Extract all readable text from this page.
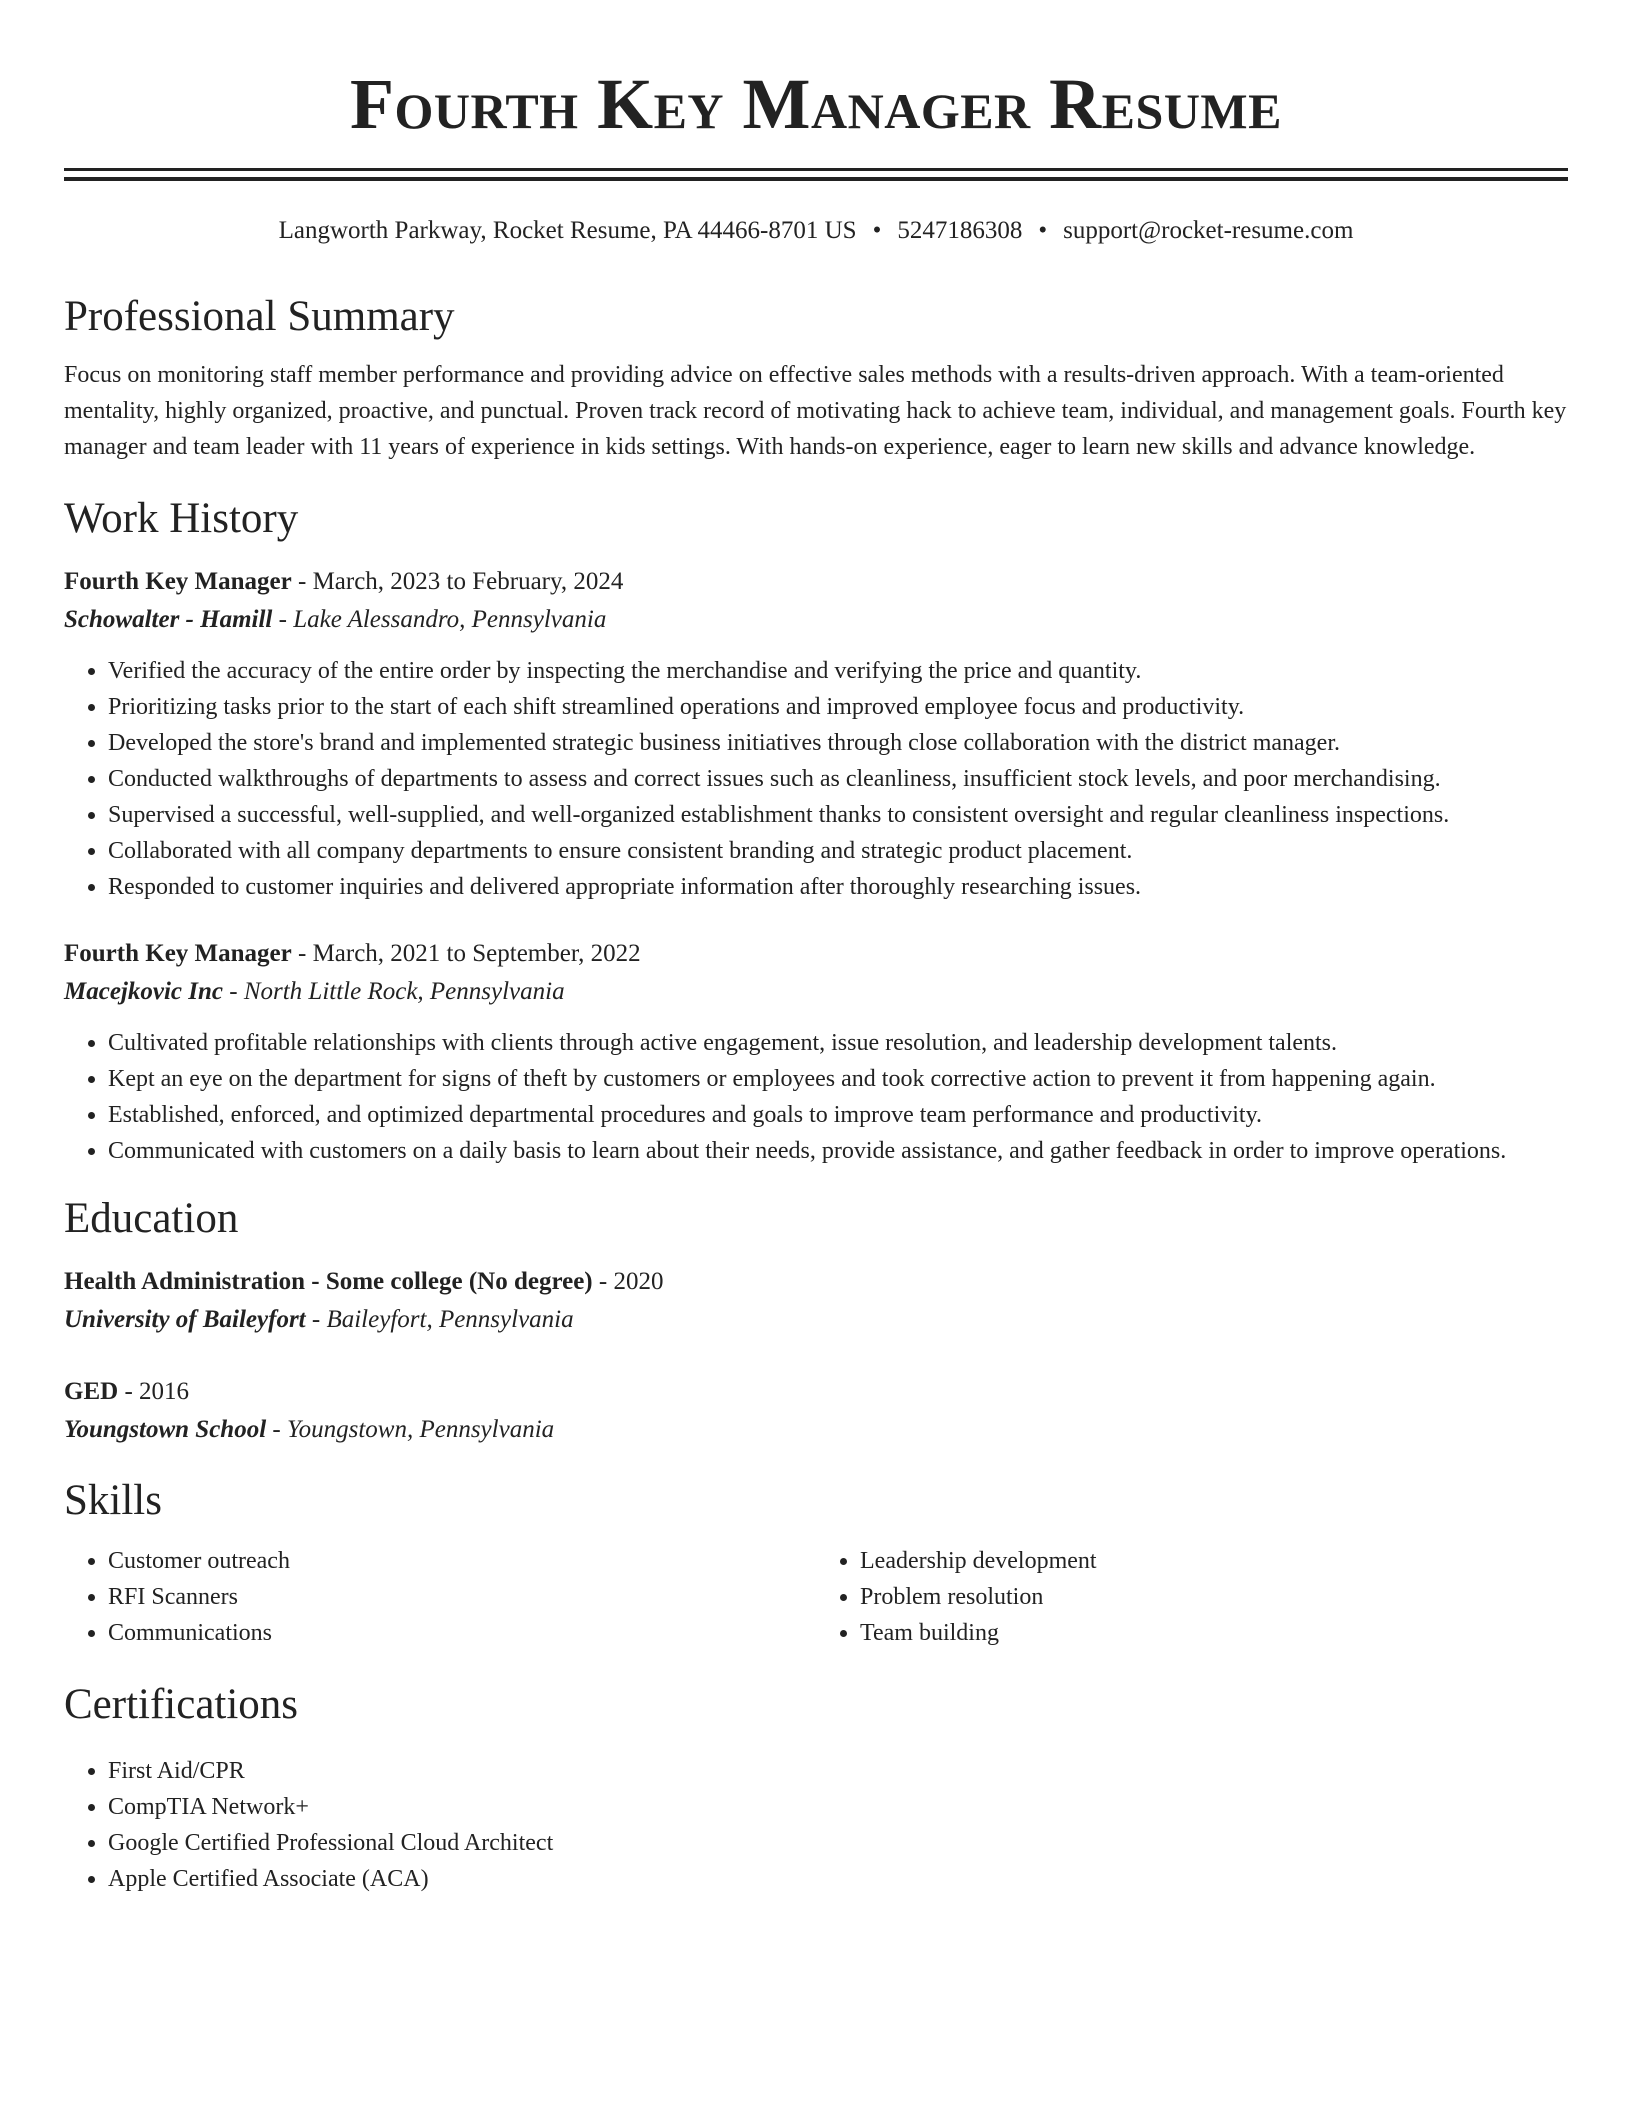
Fourth Key Manager Resume
Langworth Parkway, Rocket Resume, PA 44466-8701 US • 5247186308 • support@rocket-resume.com
Professional Summary
Focus on monitoring staff member performance and providing advice on effective sales methods with a results-driven approach. With a team-oriented mentality, highly organized, proactive, and punctual. Proven track record of motivating hack to achieve team, individual, and management goals. Fourth key manager and team leader with 11 years of experience in kids settings. With hands-on experience, eager to learn new skills and advance knowledge.
Work History
Fourth Key Manager - March, 2023 to February, 2024
Schowalter - Hamill - Lake Alessandro, Pennsylvania
• Verified the accuracy of the entire order by inspecting the merchandise and verifying the price and quantity.
• Prioritizing tasks prior to the start of each shift streamlined operations and improved employee focus and productivity.
• Developed the store's brand and implemented strategic business initiatives through close collaboration with the district manager.
• Conducted walkthroughs of departments to assess and correct issues such as cleanliness, insufficient stock levels, and poor merchandising.
• Supervised a successful, well-supplied, and well-organized establishment thanks to consistent oversight and regular cleanliness inspections.
• Collaborated with all company departments to ensure consistent branding and strategic product placement.
• Responded to customer inquiries and delivered appropriate information after thoroughly researching issues.
Fourth Key Manager - March, 2021 to September, 2022
Macejkovic Inc - North Little Rock, Pennsylvania
• Cultivated profitable relationships with clients through active engagement, issue resolution, and leadership development talents.
• Kept an eye on the department for signs of theft by customers or employees and took corrective action to prevent it from happening again.
• Established, enforced, and optimized departmental procedures and goals to improve team performance and productivity.
• Communicated with customers on a daily basis to learn about their needs, provide assistance, and gather feedback in order to improve operations.
Education
Health Administration - Some college (No degree) - 2020
University of Baileyfort - Baileyfort, Pennsylvania
GED - 2016
Youngstown School - Youngstown, Pennsylvania
Skills
• Customer outreach
• RFI Scanners
• Communications
• Leadership development
• Problem resolution
• Team building
Certifications
• First Aid/CPR
• CompTIA Network+
• Google Certified Professional Cloud Architect
• Apple Certified Associate (ACA)
